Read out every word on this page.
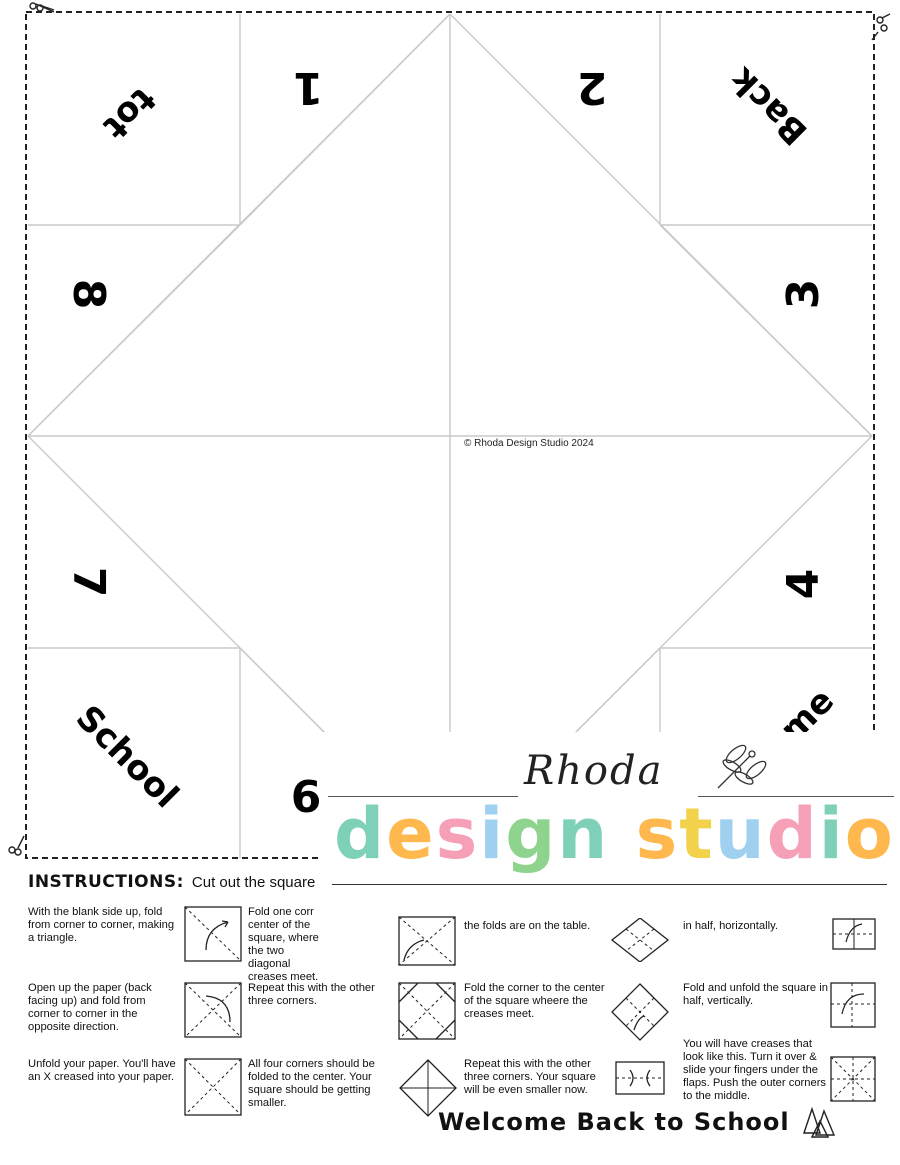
tot	1	2	Back
3
4
6
School
7
8
© Rhoda Design Studio 2024
Rhoda
design studio
INSTRUCTIONS: Cut out the square
With the blank side up, fold from corner to corner, making a triangle.
Open up the paper (back facing up) and fold from corner to corner in the opposite direction.
Unfold your paper. You'll have an X creased into your paper.
Fold one corr center of the square, where the two diagonal creases meet.
Repeat this with the other three corners.
All four corners should be folded to the center. Your square should be getting smaller.
the folds are on the table.
Fold the corner to the center of the square wheere the creases meet.
Repeat this with the other three corners. Your square will be even smaller now.
in half, horizontally.
Fold and unfold the square in half, vertically.
You will have creases that look like this. Turn it over & slide your fingers under the flaps. Push the outer corners to the middle.
Welcome Back to School
